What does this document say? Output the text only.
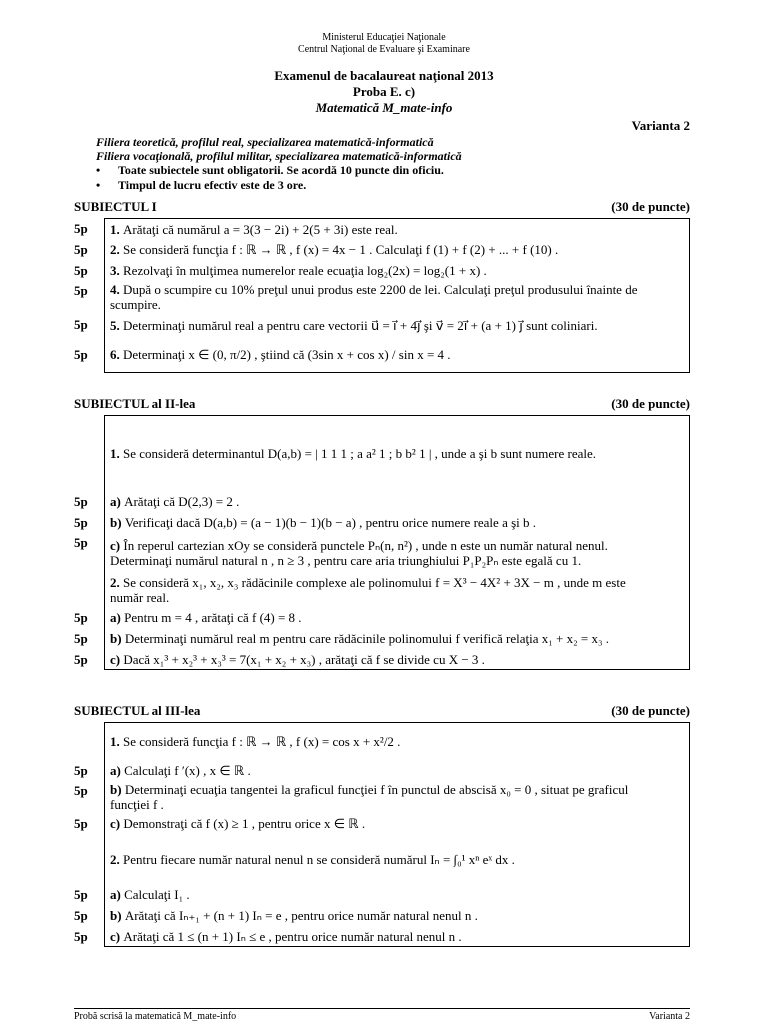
Ministerul Educaţiei Naţionale
Centrul Naţional de Evaluare şi Examinare
Examenul de bacalaureat naţional 2013
Proba E. c)
Matematică M_mate-info
Varianta 2
Filiera teoretică, profilul real, specializarea matematică-informatică
Filiera vocaţională, profilul militar, specializarea matematică-informatică
• Toate subiectele sunt obligatorii. Se acordă 10 puncte din oficiu.
• Timpul de lucru efectiv este de 3 ore.
SUBIECTUL I	(30 de puncte)
5p	1. Arătaţi că numărul a = 3(3 − 2i) + 2(5 + 3i) este real.
5p	2. Se consideră funcţia f : ℝ → ℝ , f (x) = 4x − 1 . Calculaţi f (1) + f (2) + ... + f (10) .
5p	3. Rezolvaţi în mulţimea numerelor reale ecuaţia log₂(2x) = log₂(1 + x) .
5p	4. După o scumpire cu 10% preţul unui produs este 2200 de lei. Calculaţi preţul produsului înainte de
scumpire.
5p	5. Determinaţi numărul real a pentru care vectorii u⃗ = i⃗ + 4j⃗ şi v⃗ = 2i⃗ + (a + 1) j⃗ sunt coliniari.
5p	6. Determinaţi x ∈ (0, π/2) , ştiind că (3sin x + cos x) / sin x = 4 .
SUBIECTUL al II-lea	(30 de puncte)
1. Se consideră determinantul D(a,b) = | 1 1 1 ; a a² 1 ; b b² 1 | , unde a şi b sunt numere reale.
5p	a) Arătaţi că D(2,3) = 2 .
5p	b) Verificaţi dacă D(a,b) = (a − 1)(b − 1)(b − a) , pentru orice numere reale a şi b .
5p	c) În reperul cartezian xOy se consideră punctele Pₙ(n, n²) , unde n este un număr natural nenul.
Determinaţi numărul natural n , n ≥ 3 , pentru care aria triunghiului P₁P₂Pₙ este egală cu 1.
2. Se consideră x₁, x₂, x₃ rădăcinile complexe ale polinomului f = X³ − 4X² + 3X − m , unde m este
număr real.
5p	a) Pentru m = 4 , arătaţi că f (4) = 8 .
5p	b) Determinaţi numărul real m pentru care rădăcinile polinomului f verifică relaţia x₁ + x₂ = x₃ .
5p	c) Dacă x₁³ + x₂³ + x₃³ = 7(x₁ + x₂ + x₃) , arătaţi că f se divide cu X − 3 .
SUBIECTUL al III-lea	(30 de puncte)
1. Se consideră funcţia f : ℝ → ℝ , f (x) = cos x + x²/2 .
5p	a) Calculaţi f ′(x) , x ∈ ℝ .
5p	b) Determinaţi ecuaţia tangentei la graficul funcţiei f în punctul de abscisă x₀ = 0 , situat pe graficul
funcţiei f .
5p	c) Demonstraţi că f (x) ≥ 1 , pentru orice x ∈ ℝ .
2. Pentru fiecare număr natural nenul n se consideră numărul Iₙ = ∫₀¹ xⁿ eˣ dx .
5p	a) Calculaţi I₁ .
5p	b) Arătaţi că Iₙ₊₁ + (n + 1) Iₙ = e , pentru orice număr natural nenul n .
5p	c) Arătaţi că 1 ≤ (n + 1) Iₙ ≤ e , pentru orice număr natural nenul n .
Probă scrisă la matematică M_mate-info	Varianta 2
